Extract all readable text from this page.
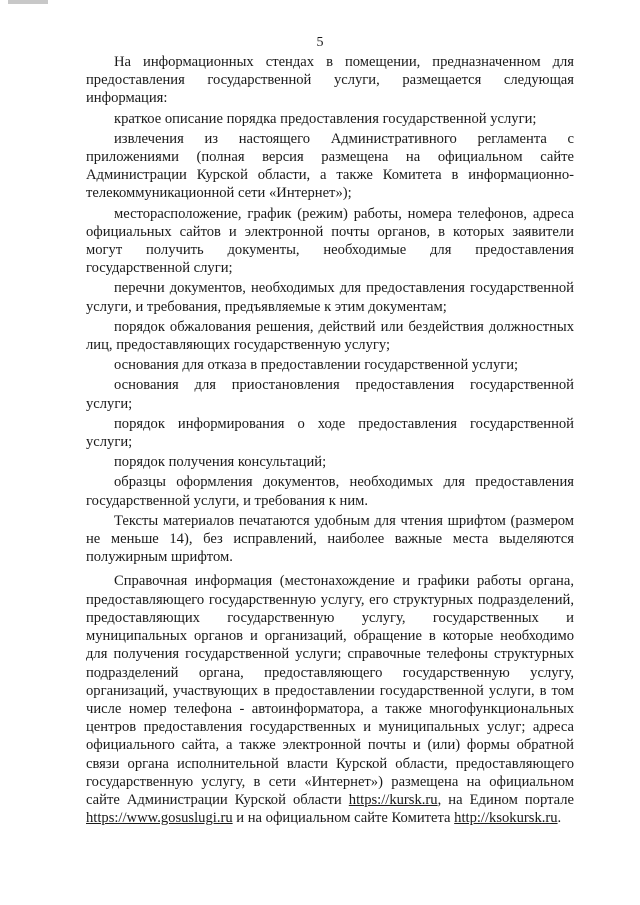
5

На информационных стендах в помещении, предназначенном для предоставления государственной услуги, размещается следующая информация:

краткое описание порядка предоставления государственной услуги;

извлечения из настоящего Административного регламента с приложениями (полная версия размещена на официальном сайте Администрации Курской области, а также Комитета в информационно-телекоммуникационной сети «Интернет»);

месторасположение, график (режим) работы, номера телефонов, адреса официальных сайтов и электронной почты органов, в которых заявители могут получить документы, необходимые для предоставления государственной слуги;

перечни документов, необходимых для предоставления государственной услуги, и требования, предъявляемые к этим документам;

порядок обжалования решения, действий или бездействия должностных лиц, предоставляющих государственную услугу;

основания для отказа в предоставлении государственной услуги;

основания для приостановления предоставления государственной услуги;

порядок информирования о ходе предоставления государственной услуги;

порядок получения консультаций;

образцы оформления документов, необходимых для предоставления государственной услуги, и требования к ним.

Тексты материалов печатаются удобным для чтения шрифтом (размером не меньше 14), без исправлений, наиболее важные места выделяются полужирным шрифтом.

Справочная информация (местонахождение и графики работы органа, предоставляющего государственную услугу, его структурных подразделений, предоставляющих государственную услугу, государственных и муниципальных органов и организаций, обращение в которые необходимо для получения государственной услуги; справочные телефоны структурных подразделений органа, предоставляющего государственную услугу, организаций, участвующих в предоставлении государственной услуги, в том числе номер телефона - автоинформатора, а также многофункциональных центров предоставления государственных и муниципальных услуг; адреса официального сайта, а также электронной почты и (или) формы обратной связи органа исполнительной власти Курской области, предоставляющего государственную услугу, в сети «Интернет») размещена на официальном сайте Администрации Курской области https://kursk.ru, на Едином портале https://www.gosuslugi.ru и на официальном сайте Комитета http://ksokursk.ru.
